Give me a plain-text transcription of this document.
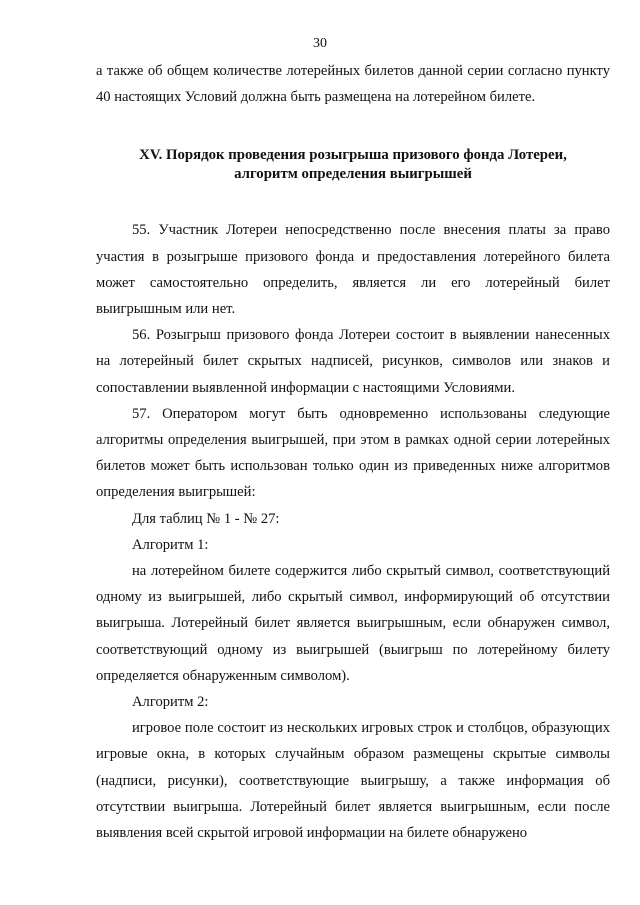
30

а также об общем количестве лотерейных билетов данной серии согласно пункту 40 настоящих Условий должна быть размещена на лотерейном билете.

XV. Порядок проведения розыгрыша призового фонда Лотереи,
алгоритм определения выигрышей

55. Участник Лотереи непосредственно после внесения платы за право участия в розыгрыше призового фонда и предоставления лотерейного билета может самостоятельно определить, является ли его лотерейный билет выигрышным или нет.

56. Розыгрыш призового фонда Лотереи состоит в выявлении нанесенных на лотерейный билет скрытых надписей, рисунков, символов или знаков и сопоставлении выявленной информации с настоящими Условиями.

57. Оператором могут быть одновременно использованы следующие алгоритмы определения выигрышей, при этом в рамках одной серии лотерейных билетов может быть использован только один из приведенных ниже алгоритмов определения выигрышей:

Для таблиц № 1 - № 27:

Алгоритм 1:

на лотерейном билете содержится либо скрытый символ, соответствующий одному из выигрышей, либо скрытый символ, информирующий об отсутствии выигрыша. Лотерейный билет является выигрышным, если обнаружен символ, соответствующий одному из выигрышей (выигрыш по лотерейному билету определяется обнаруженным символом).

Алгоритм 2:

игровое поле состоит из нескольких игровых строк и столбцов, образующих игровые окна, в которых случайным образом размещены скрытые символы (надписи, рисунки), соответствующие выигрышу, а также информация об отсутствии выигрыша. Лотерейный билет является выигрышным, если после выявления всей скрытой игровой информации на билете обнаружено
